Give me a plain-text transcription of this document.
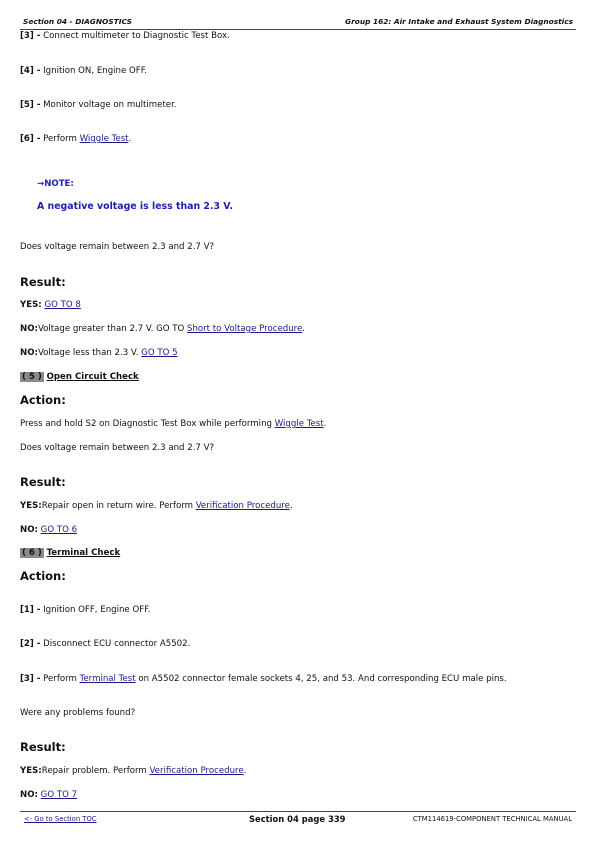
Section 04 - DIAGNOSTICS	Group 162: Air Intake and Exhaust System Diagnostics
[3] - Connect multimeter to Diagnostic Test Box.
[4] - Ignition ON, Engine OFF.
[5] - Monitor voltage on multimeter.
[6] - Perform Wiggle Test.
→NOTE:
A negative voltage is less than 2.3 V.
Does voltage remain between 2.3 and 2.7 V?
Result:
YES: GO TO 8
NO:Voltage greater than 2.7 V. GO TO Short to Voltage Procedure.
NO:Voltage less than 2.3 V. GO TO 5
( 5 ) Open Circuit Check
Action:
Press and hold S2 on Diagnostic Test Box while performing Wiggle Test.
Does voltage remain between 2.3 and 2.7 V?
Result:
YES:Repair open in return wire. Perform Verification Procedure.
NO: GO TO 6
( 6 ) Terminal Check
Action:
[1] - Ignition OFF, Engine OFF.
[2] - Disconnect ECU connector A5502.
[3] - Perform Terminal Test on A5502 connector female sockets 4, 25, and 53. And corresponding ECU male pins.
Were any problems found?
Result:
YES:Repair problem. Perform Verification Procedure.
NO: GO TO 7
<- Go to Section TOC	Section 04 page 339	CTM114619-COMPONENT TECHNICAL MANUAL
